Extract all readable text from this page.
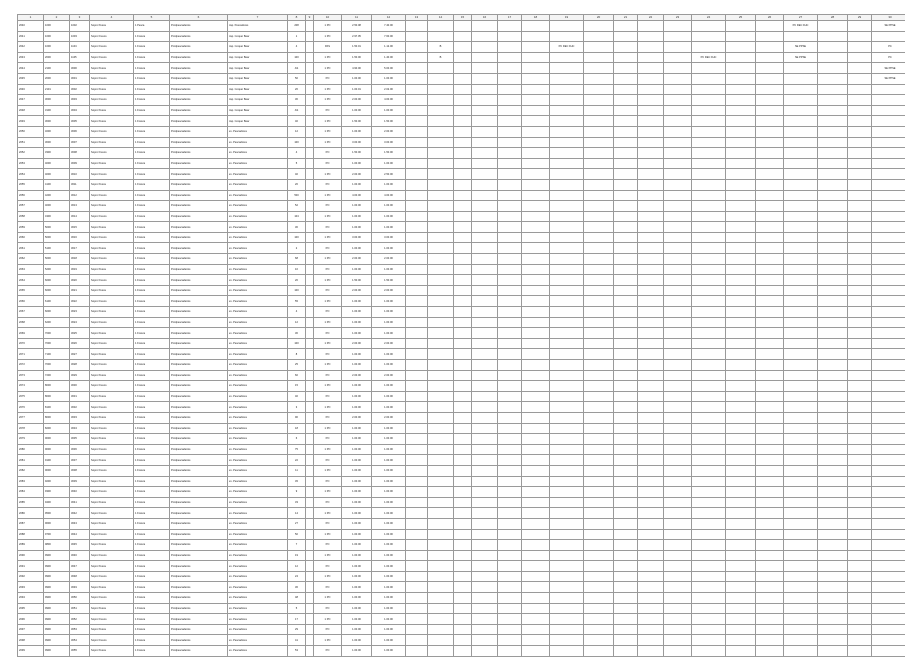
1	2	3	4	5	6	7	8	9	10	11	12	13	14	15	16	17	18	19	20	21	22	23	24	25	26	27	28	29	30
2040	1000	1002	Sopro Pesca	1 Pesca	Prodpescadeiros	Jap. Pescadores	208		1 PO	2.50.08	7.40.00															PC DEC FHC			SE PPSE
2041	1000	1003	Sopro Fresco	1 Fresca	Prodpescadeiros	Jap. Coquer Bear	1		1 PO	2.97.05	7.60.00																		
2042	1000	1104	Sopro Fresco	1 Fresca	Prodpescadeiros	Jap. Coquer Bear	4		PAS	1.50.01	1.12.00		B					PC DEC FHC								SE PPSE			PC
2043	2000	1105	Sopro Fresco	1 Fresca	Prodpescadeiros	Jap. Coquer Bear	100		1 PO	1.50.00	1.40.00		B										PC DEC FHC			SE PPSE			PC
2044	2100	3000	Sopro Pesca	1 Fresca	Prodpescadeiros	Jap. Coquer Bear	AS		1 PO	4.90.00	5.00.00																		SE PPSE
2045	2000	3001	Sopro Fresco	1 Fresca	Prodpescadeiros	Jap. Coquer Bear	50		PO	1.00.00	1.00.00																		SE PPSE
2046	2101	3002	Sopro Pesca	1 Fresca	Prodpescadeiros	Jap. Coquer Bear	20		1 PO	1.00.01	2.02.00																		
2047	3000	3003	Sopro Fresco	1 Fresca	Prodpescadeiros	Jap. Coquer Bear	30		1 PO	2.00.00	4.00.00																		
2048	3100	3004	Sopro Pesca	1 Fresca	Prodpescadeiros	Jap. Coquer Bear	AS		PO	1.00.00	1.00.00																		
2049	3000	3005	Sopro Pesca	1 Fresca	Prodpescadeiros	Jap. Coquer Bear	40		1 PO	1.50.00	1.50.00																		
2050	3200	3006	Sopro Fresco	1 Fresca	Prodpescadeiros	ex. Pescadores	12		1 PO	1.00.00	2.00.00																		
2051	3000	3007	Sopro Pesca	1 Fresca	Prodpescadeiros	ex. Pescadores	100		1 PO	3.00.00	3.00.00																		
2052	3300	3008	Sopro Fresco	1 Fresca	Prodpescadeiros	ex. Pescadores	4		PO	1.50.00	1.50.00																		
2053	4000	3009	Sopro Pesca	1 Fresca	Prodpescadeiros	ex. Pescadores	5		PO	1.00.00	1.00.00																		
2054	4000	3010	Sopro Fresco	1 Fresca	Prodpescadeiros	ex. Pescadores	40		1 PO	2.00.00	2.50.00																		
2055	4100	3011	Sopro Pesca	1 Fresca	Prodpescadeiros	ex. Pescadores	20		PO	1.00.00	1.00.00																		
2056	4200	3012	Sopro Fresco	1 Fresca	Prodpescadeiros	ex. Pescadores	500		1 PO	4.00.00	4.00.00																		
2057	4000	3013	Sopro Pesca	1 Fresca	Prodpescadeiros	ex. Pescadores	52		PO	1.00.00	1.00.00																		
2058	4300	3014	Sopro Fresco	1 Fresca	Prodpescadeiros	ex. Pescadores	104		1 PO	1.00.00	1.00.00																		
2059	5000	3015	Sopro Pesca	1 Fresca	Prodpescadeiros	ex. Pescadores	30		PO	1.00.00	1.00.00																		
2060	5000	3016	Sopro Fresco	1 Fresca	Prodpescadeiros	ex. Pescadores	100		1 PO	3.00.00	3.00.00																		
2061	5100	3017	Sopro Pesca	1 Fresca	Prodpescadeiros	ex. Pescadores	2		PO	1.00.00	1.00.00																		
2062	5000	3018	Sopro Fresco	1 Fresca	Prodpescadeiros	ex. Pescadores	68		1 PO	2.00.00	2.00.00																		
2063	5200	3019	Sopro Pesca	1 Fresca	Prodpescadeiros	ex. Pescadores	10		PO	1.00.00	1.00.00																		
2064	6000	3020	Sopro Fresco	1 Fresca	Prodpescadeiros	ex. Pescadores	20		1 PO	1.50.00	1.50.00																		
2065	6000	3021	Sopro Pesca	1 Fresca	Prodpescadeiros	ex. Pescadores	100		PO	2.00.00	2.00.00																		
2066	6100	3022	Sopro Fresco	1 Fresca	Prodpescadeiros	ex. Pescadores	55		1 PO	1.00.00	1.00.00																		
2067	6000	3023	Sopro Pesca	1 Fresca	Prodpescadeiros	ex. Pescadores	4		PO	1.00.00	1.00.00																		
2068	6200	3024	Sopro Fresco	1 Fresca	Prodpescadeiros	ex. Pescadores	12		1 PO	1.00.00	1.00.00																		
2069	7000	3025	Sopro Pesca	1 Fresca	Prodpescadeiros	ex. Pescadores	30		PO	1.00.00	1.00.00																		
2070	7000	3026	Sopro Fresco	1 Fresca	Prodpescadeiros	ex. Pescadores	100		1 PO	2.00.00	2.00.00																		
2071	7100	3027	Sopro Pesca	1 Fresca	Prodpescadeiros	ex. Pescadores	8		PO	1.00.00	1.00.00																		
2072	7000	3028	Sopro Fresco	1 Fresca	Prodpescadeiros	ex. Pescadores	25		1 PO	1.00.00	1.00.00																		
2073	7200	3029	Sopro Pesca	1 Fresca	Prodpescadeiros	ex. Pescadores	60		PO	2.00.00	2.00.00																		
2074	8000	3030	Sopro Fresco	1 Fresca	Prodpescadeiros	ex. Pescadores	15		1 PO	1.00.00	1.00.00																		
2075	8000	3031	Sopro Pesca	1 Fresca	Prodpescadeiros	ex. Pescadores	40		PO	1.00.00	1.00.00																		
2076	8100	3032	Sopro Fresco	1 Fresca	Prodpescadeiros	ex. Pescadores	3		1 PO	1.00.00	1.00.00																		
2077	8000	3033	Sopro Pesca	1 Fresca	Prodpescadeiros	ex. Pescadores	90		PO	2.00.00	2.00.00																		
2078	8200	3034	Sopro Fresco	1 Fresca	Prodpescadeiros	ex. Pescadores	18		1 PO	1.00.00	1.00.00																		
2079	9000	3035	Sopro Pesca	1 Fresca	Prodpescadeiros	ex. Pescadores	6		PO	1.00.00	1.00.00																		
2080	9000	3036	Sopro Fresco	1 Fresca	Prodpescadeiros	ex. Pescadores	75		1 PO	1.00.00	1.00.00																		
2081	9100	3037	Sopro Pesca	1 Fresca	Prodpescadeiros	ex. Pescadores	22		PO	1.00.00	1.00.00																		
2082	9000	3038	Sopro Fresco	1 Fresca	Prodpescadeiros	ex. Pescadores	11		1 PO	1.00.00	1.00.00																		
2083	9200	3039	Sopro Pesca	1 Fresca	Prodpescadeiros	ex. Pescadores	45		PO	1.00.00	1.00.00																		
2084	9300	3040	Sopro Fresco	1 Fresca	Prodpescadeiros	ex. Pescadores	9		1 PO	1.00.00	1.00.00																		
2085	9400	3041	Sopro Pesca	1 Fresca	Prodpescadeiros	ex. Pescadores	33		PO	1.00.00	1.00.00																		
2086	9500	3042	Sopro Fresco	1 Fresca	Prodpescadeiros	ex. Pescadores	14		1 PO	1.00.00	1.00.00																		
2087	9600	3043	Sopro Pesca	1 Fresca	Prodpescadeiros	ex. Pescadores	27		PO	1.00.00	1.00.00																		
2088	9700	3044	Sopro Fresco	1 Fresca	Prodpescadeiros	ex. Pescadores	50		1 PO	1.00.00	1.00.00																		
2089	9800	3045	Sopro Pesca	1 Fresca	Prodpescadeiros	ex. Pescadores	7		PO	1.00.00	1.00.00																		
2090	9900	3046	Sopro Fresco	1 Fresca	Prodpescadeiros	ex. Pescadores	19		1 PO	1.00.00	1.00.00																		
2091	9900	3047	Sopro Pesca	1 Fresca	Prodpescadeiros	ex. Pescadores	12		PO	1.00.00	1.00.00																		
2092	9900	3048	Sopro Fresco	1 Fresca	Prodpescadeiros	ex. Pescadores	24		1 PO	1.00.00	1.00.00																		
2093	9900	3049	Sopro Pesca	1 Fresca	Prodpescadeiros	ex. Pescadores	36		PO	1.00.00	1.00.00																		
2094	9900	3050	Sopro Fresco	1 Fresca	Prodpescadeiros	ex. Pescadores	48		1 PO	1.00.00	1.00.00																		
2095	9900	3051	Sopro Pesca	1 Fresca	Prodpescadeiros	ex. Pescadores	5		PO	1.00.00	1.00.00																		
2096	9900	3052	Sopro Fresco	1 Fresca	Prodpescadeiros	ex. Pescadores	17		1 PO	1.00.00	1.00.00																		
2097	9900	3053	Sopro Pesca	1 Fresca	Prodpescadeiros	ex. Pescadores	29		PO	1.00.00	1.00.00																		
2098	9900	3054	Sopro Fresco	1 Fresca	Prodpescadeiros	ex. Pescadores	41		1 PO	1.00.00	1.00.00																		
2099	9900	3055	Sopro Pesca	1 Fresca	Prodpescadeiros	ex. Pescadores	53		PO	1.00.00	1.00.00																		
